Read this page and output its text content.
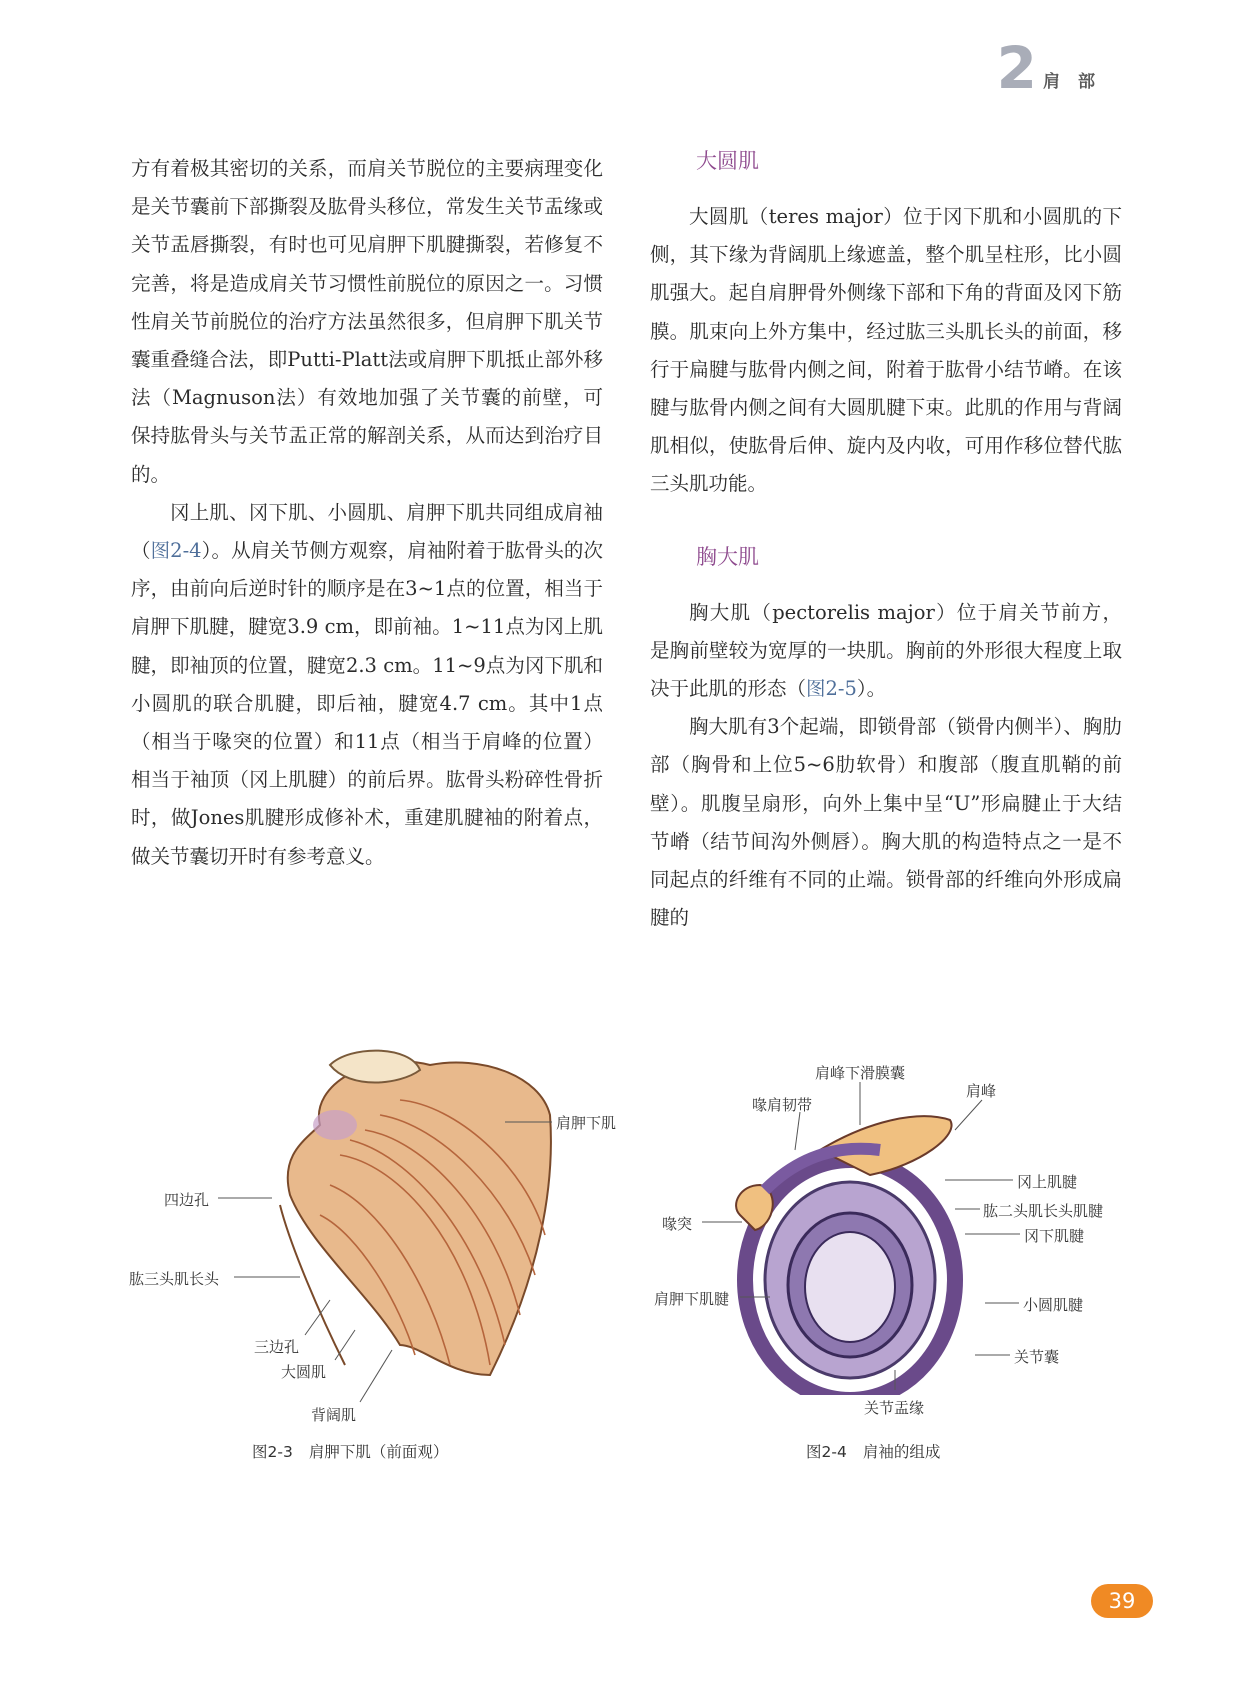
2 肩部

方有着极其密切的关系，而肩关节脱位的主要病理变化是关节囊前下部撕裂及肱骨头移位，常发生关节盂缘或关节盂唇撕裂，有时也可见肩胛下肌腱撕裂，若修复不完善，将是造成肩关节习惯性前脱位的原因之一。习惯性肩关节前脱位的治疗方法虽然很多，但肩胛下肌关节囊重叠缝合法，即Putti-Platt法或肩胛下肌抵止部外移法（Magnuson法）有效地加强了关节囊的前壁，可保持肱骨头与关节盂正常的解剖关系，从而达到治疗目的。

冈上肌、冈下肌、小圆肌、肩胛下肌共同组成肩袖（图2-4）。从肩关节侧方观察，肩袖附着于肱骨头的次序，由前向后逆时针的顺序是在3~1点的位置，相当于肩胛下肌腱，腱宽3.9 cm，即前袖。1~11点为冈上肌腱，即袖顶的位置，腱宽2.3 cm。11~9点为冈下肌和小圆肌的联合肌腱，即后袖，腱宽4.7 cm。其中1点（相当于喙突的位置）和11点（相当于肩峰的位置）相当于袖顶（冈上肌腱）的前后界。肱骨头粉碎性骨折时，做Jones肌腱形成修补术，重建肌腱袖的附着点，做关节囊切开时有参考意义。

大圆肌

大圆肌（teres major）位于冈下肌和小圆肌的下侧，其下缘为背阔肌上缘遮盖，整个肌呈柱形，比小圆肌强大。起自肩胛骨外侧缘下部和下角的背面及冈下筋膜。肌束向上外方集中，经过肱三头肌长头的前面，移行于扁腱与肱骨内侧之间，附着于肱骨小结节嵴。在该腱与肱骨内侧之间有大圆肌腱下束。此肌的作用与背阔肌相似，使肱骨后伸、旋内及内收，可用作移位替代肱三头肌功能。

胸大肌

胸大肌（pectorelis major）位于肩关节前方，是胸前壁较为宽厚的一块肌。胸前的外形很大程度上取决于此肌的形态（图2-5）。

胸大肌有3个起端，即锁骨部（锁骨内侧半）、胸肋部（胸骨和上位5~6肋软骨）和腹部（腹直肌鞘的前壁）。肌腹呈扇形，向外上集中呈“U”形扁腱止于大结节嵴（结节间沟外侧唇）。胸大肌的构造特点之一是不同起点的纤维有不同的止端。锁骨部的纤维向外形成扁腱的

肩胛下肌
四边孔
肱三头肌长头
三边孔
大圆肌
背阔肌
图2-3 肩胛下肌（前面观）
肩峰下滑膜囊
喙肩韧带
肩峰
冈上肌腱
肱二头肌长头肌腱
喙突
冈下肌腱
肩胛下肌腱	小圆肌腱
关节囊
关节盂缘
图2-4 肩袖的组成
39
